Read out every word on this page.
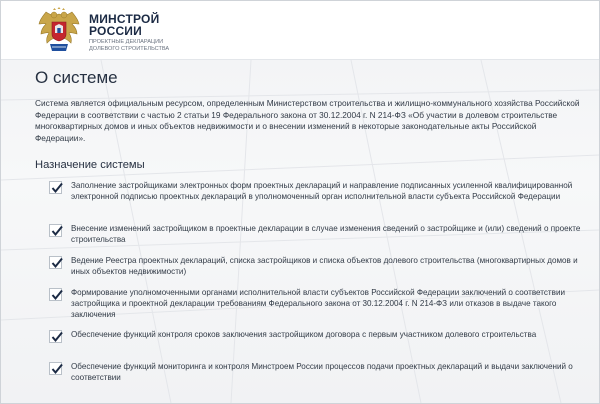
МИНСТРОЙ
РОССИИ
ПРОЕКТНЫЕ ДЕКЛАРАЦИИ
ДОЛЕВОГО СТРОИТЕЛЬСТВА
О системе

Система является официальным ресурсом, определенным Министерством строительства и жилищно-коммунального хозяйства Российской Федерации в соответствии с частью 2 статьи 19 Федерального закона от 30.12.2004 г. N 214-ФЗ «Об участии в долевом строительстве многоквартирных домов и иных объектов недвижимости и о внесении изменений в некоторые законодательные акты Российской Федерации».

Назначение системы
Заполнение застройщиками электронных форм проектных деклараций и направление подписанных усиленной квалифицированной электронной подписью проектных деклараций в уполномоченный орган исполнительной власти субъекта Российской Федерации
Внесение изменений застройщиком в проектные декларации в случае изменения сведений о застройщике и (или) сведений о проекте строительства
Ведение Реестра проектных деклараций, списка застройщиков и списка объектов долевого строительства (многоквартирных домов и иных объектов недвижимости)
Формирование уполномоченными органами исполнительной власти субъектов Российской Федерации заключений о соответствии застройщика и проектной декларации требованиям Федерального закона от 30.12.2004 г. N 214-ФЗ или отказов в выдаче такого заключения
Обеспечение функций контроля сроков заключения застройщиком договора с первым участником долевого строительства
Обеспечение функций мониторинга и контроля Минстроем России процессов подачи проектных деклараций и выдачи заключений о соответствии
